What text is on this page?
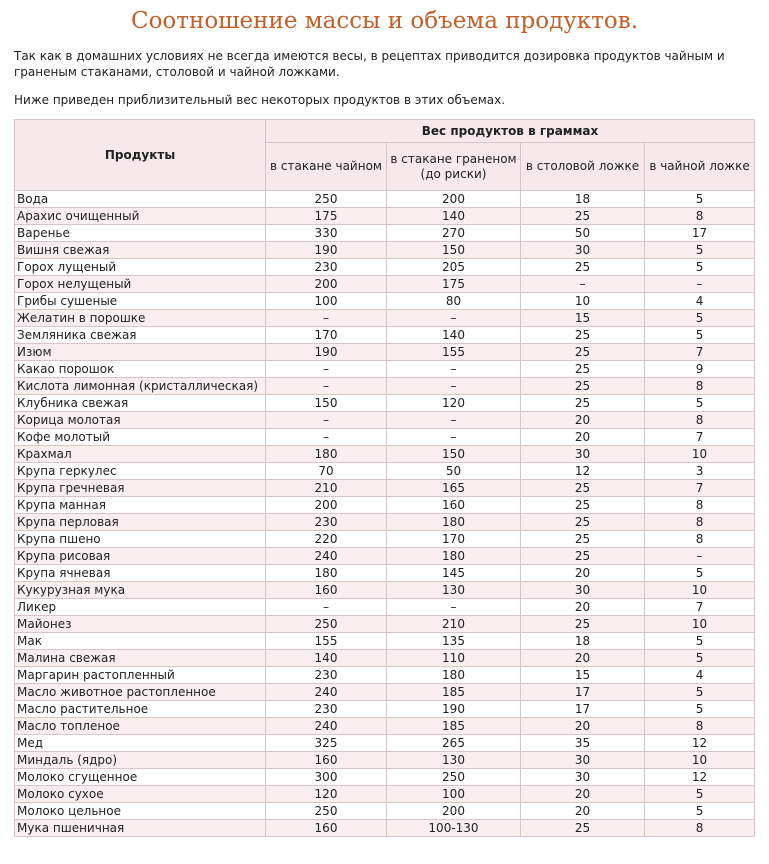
Соотношение массы и объема продуктов.
Так как в домашних условиях не всегда имеются весы, в рецептах приводится дозировка продуктов чайным и граненым стаканами, столовой и чайной ложками.
Ниже приведен приблизительный вес некоторых продуктов в этих объемах.
Продукты	Вес продуктов в граммах			
	в стакане чайном	в стакане граненом (до риски)	в столовой ложке	в чайной ложке
Вода	250	200	18	5
Арахис очищенный	175	140	25	8
Варенье	330	270	50	17
Вишня свежая	190	150	30	5
Горох лущеный	230	205	25	5
Горох нелущеный	200	175	–	–
Грибы сушеные	100	80	10	4
Желатин в порошке	–	–	15	5
Земляника свежая	170	140	25	5
Изюм	190	155	25	7
Какао порошок	–	–	25	9
Кислота лимонная (кристаллическая)	–	–	25	8
Клубника свежая	150	120	25	5
Корица молотая	–	–	20	8
Кофе молотый	–	–	20	7
Крахмал	180	150	30	10
Крупа геркулес	70	50	12	3
Крупа гречневая	210	165	25	7
Крупа манная	200	160	25	8
Крупа перловая	230	180	25	8
Крупа пшено	220	170	25	8
Крупа рисовая	240	180	25	–
Крупа ячневая	180	145	20	5
Кукурузная мука	160	130	30	10
Ликер	–	–	20	7
Майонез	250	210	25	10
Мак	155	135	18	5
Малина свежая	140	110	20	5
Маргарин растопленный	230	180	15	4
Масло животное растопленное	240	185	17	5
Масло растительное	230	190	17	5
Масло топленое	240	185	20	8
Мед	325	265	35	12
Миндаль (ядро)	160	130	30	10
Молоко сгущенное	300	250	30	12
Молоко сухое	120	100	20	5
Молоко цельное	250	200	20	5
Мука пшеничная	160	100-130	25	8
